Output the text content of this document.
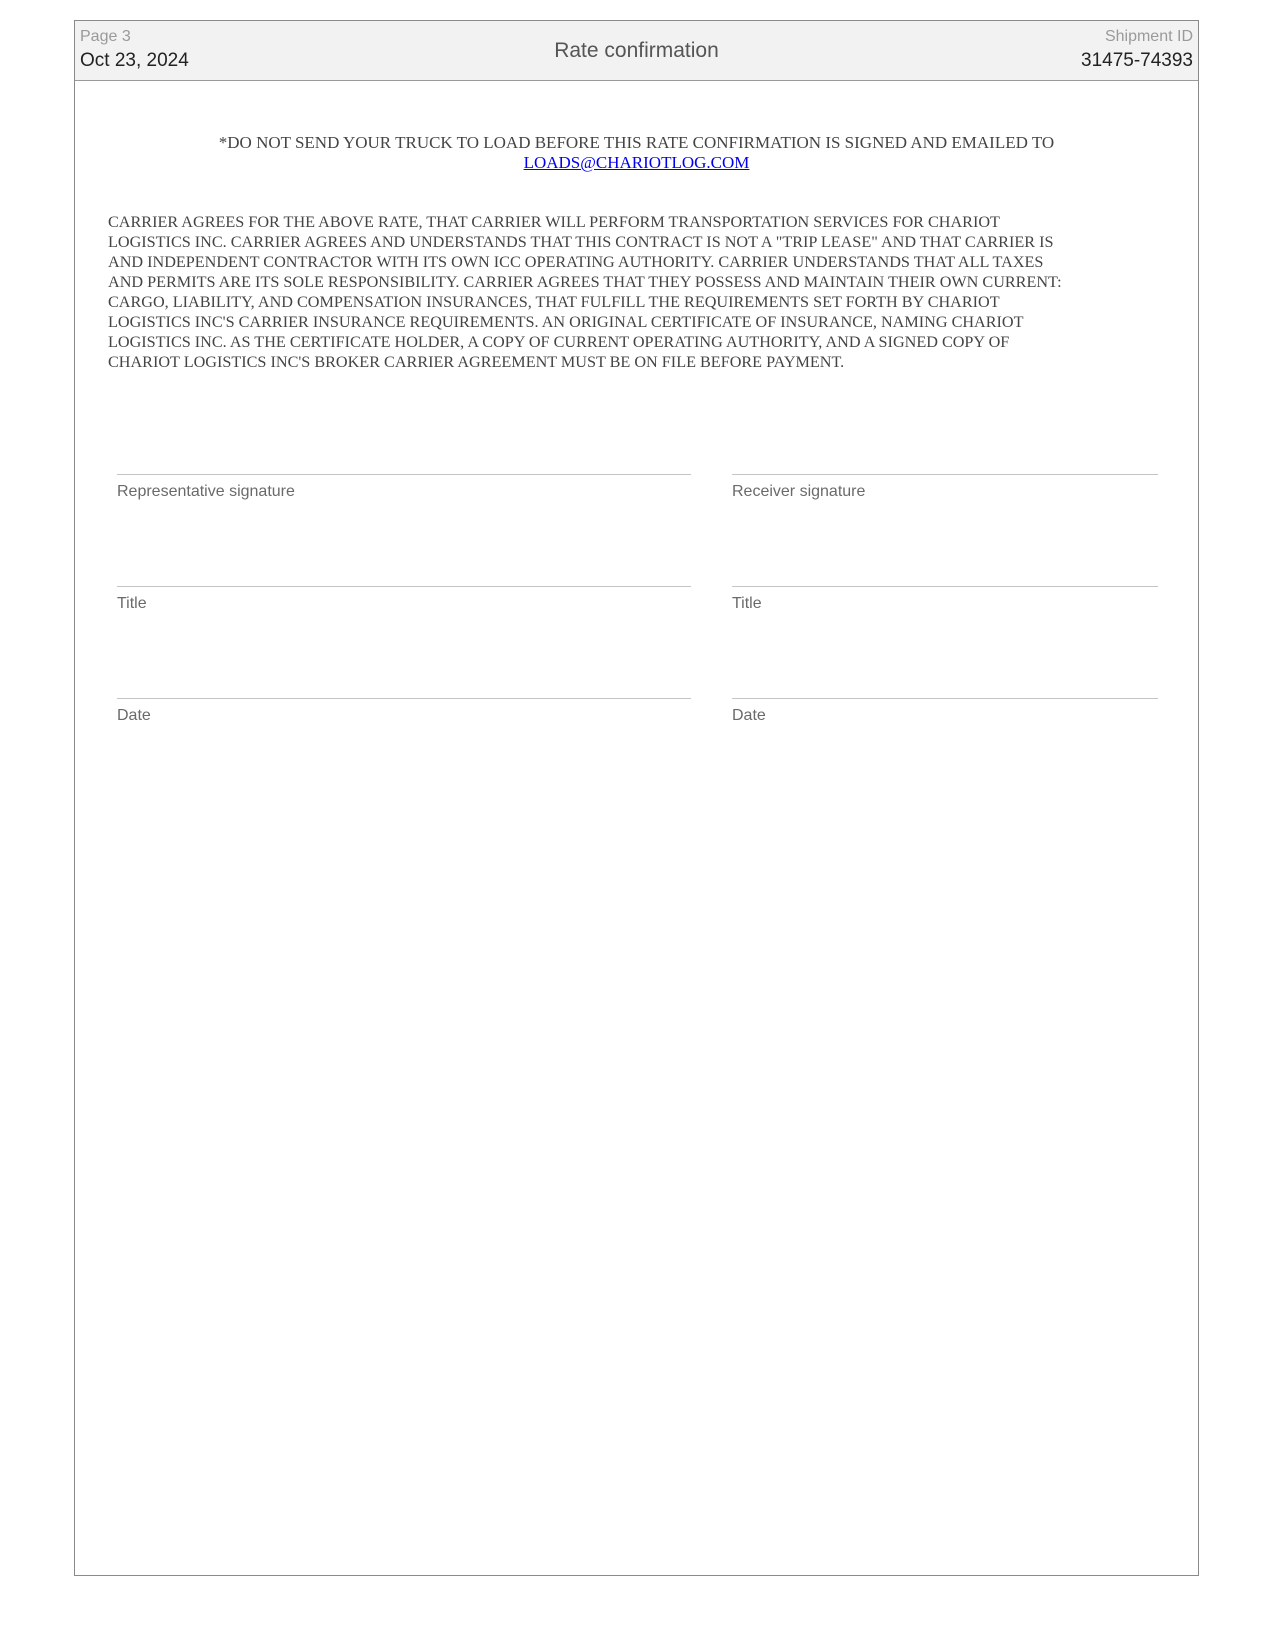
Page 3
Oct 23, 2024	Rate confirmation
Shipment ID
31475-74393
*DO NOT SEND YOUR TRUCK TO LOAD BEFORE THIS RATE CONFIRMATION IS SIGNED AND EMAILED TO
LOADS@CHARIOTLOG.COM
CARRIER AGREES FOR THE ABOVE RATE, THAT CARRIER WILL PERFORM TRANSPORTATION SERVICES FOR CHARIOT
LOGISTICS INC. CARRIER AGREES AND UNDERSTANDS THAT THIS CONTRACT IS NOT A "TRIP LEASE" AND THAT CARRIER IS
AND INDEPENDENT CONTRACTOR WITH ITS OWN ICC OPERATING AUTHORITY. CARRIER UNDERSTANDS THAT ALL TAXES
AND PERMITS ARE ITS SOLE RESPONSIBILITY. CARRIER AGREES THAT THEY POSSESS AND MAINTAIN THEIR OWN CURRENT:
CARGO, LIABILITY, AND COMPENSATION INSURANCES, THAT FULFILL THE REQUIREMENTS SET FORTH BY CHARIOT
LOGISTICS INC'S CARRIER INSURANCE REQUIREMENTS. AN ORIGINAL CERTIFICATE OF INSURANCE, NAMING CHARIOT
LOGISTICS INC. AS THE CERTIFICATE HOLDER, A COPY OF CURRENT OPERATING AUTHORITY, AND A SIGNED COPY OF
CHARIOT LOGISTICS INC'S BROKER CARRIER AGREEMENT MUST BE ON FILE BEFORE PAYMENT.
Representative signature
Title
Date
Receiver signature
Title
Date
